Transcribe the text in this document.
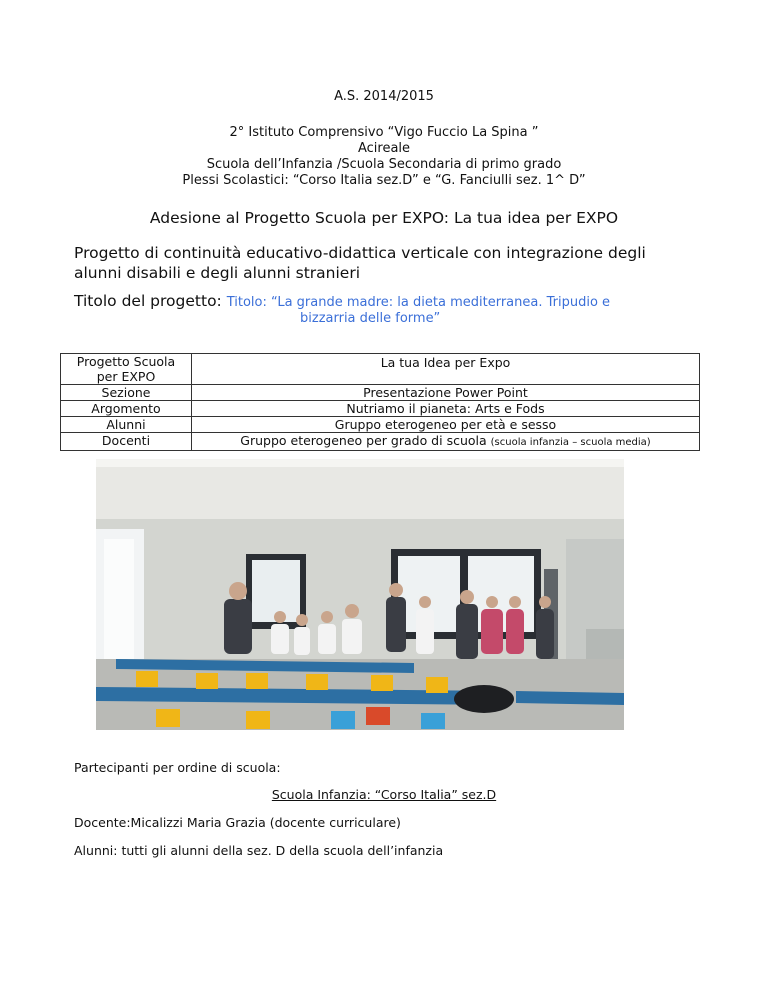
A.S. 2014/2015
2° Istituto Comprensivo “Vigo Fuccio La Spina ”
Acireale
Scuola dell’Infanzia /Scuola Secondaria di primo grado
Plessi Scolastici: “Corso Italia sez.D” e “G. Fanciulli sez. 1^ D”
Adesione al Progetto Scuola per EXPO: La tua idea per EXPO
Progetto di continuità educativo-didattica verticale con integrazione degli
alunni disabili e degli alunni stranieri
Titolo del progetto: Titolo: “La grande madre: la dieta mediterranea. Tripudio e
bizzarria delle forme”
Progetto Scuola
per EXPO	La tua Idea per Expo

Sezione	Presentazione Power Point
Argomento	Nutriamo il pianeta: Arts e Fods
Alunni	Gruppo eterogeneo per età e sesso
Docenti	Gruppo eterogeneo per grado di scuola (scuola infanzia – scuola media)
Partecipanti per ordine di scuola:
Scuola Infanzia: “Corso Italia” sez.D
Docente:Micalizzi Maria Grazia (docente curriculare)
Alunni: tutti gli alunni della sez. D della scuola dell’infanzia
